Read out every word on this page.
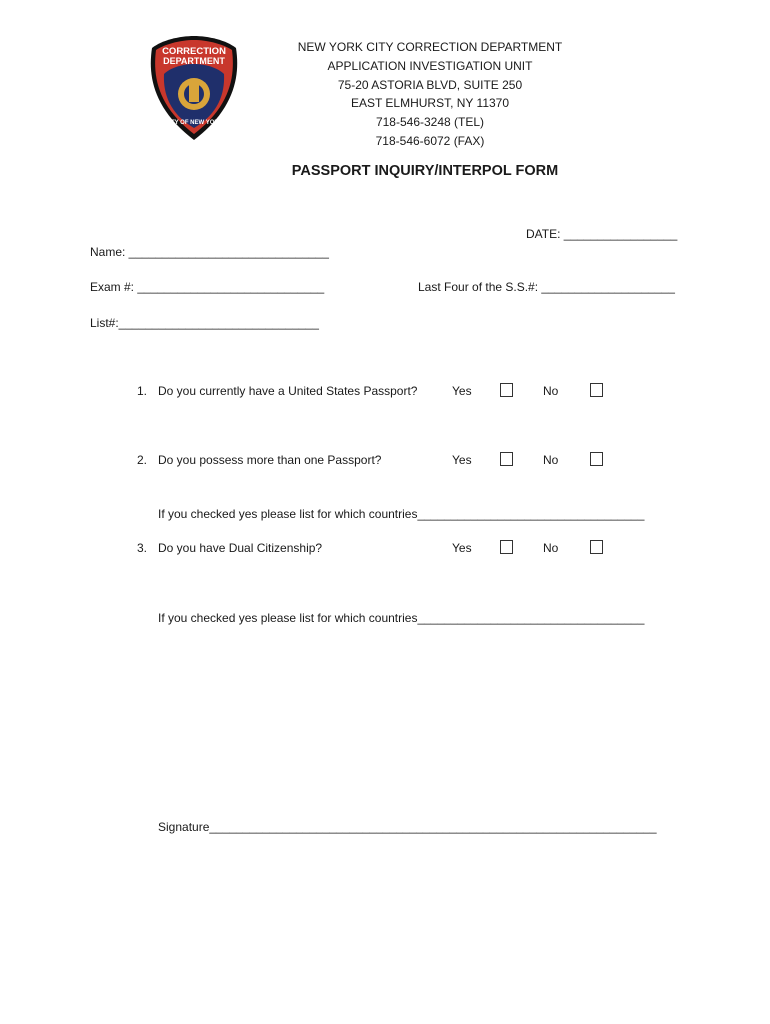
CORRECTION
DEPARTMENT
CITY OF NEW YORK
NEW YORK CITY CORRECTION DEPARTMENT
APPLICATION INVESTIGATION UNIT
75-20 ASTORIA BLVD, SUITE 250
EAST ELMHURST, NY 11370
718-546-3248 (TEL)
718-546-6072 (FAX)
PASSPORT INQUIRY/INTERPOL FORM
DATE: _________________
Name: ______________________________
Exam #: ____________________________	Last Four of the S.S.#: ____________________
List#:______________________________
1. Do you currently have a United States Passport?	Yes	No
2. Do you possess more than one Passport?	Yes	No
If you checked yes please list for which countries__________________________________
3. Do you have Dual Citizenship?	Yes	No
If you checked yes please list for which countries__________________________________
Signature___________________________________________________________________
